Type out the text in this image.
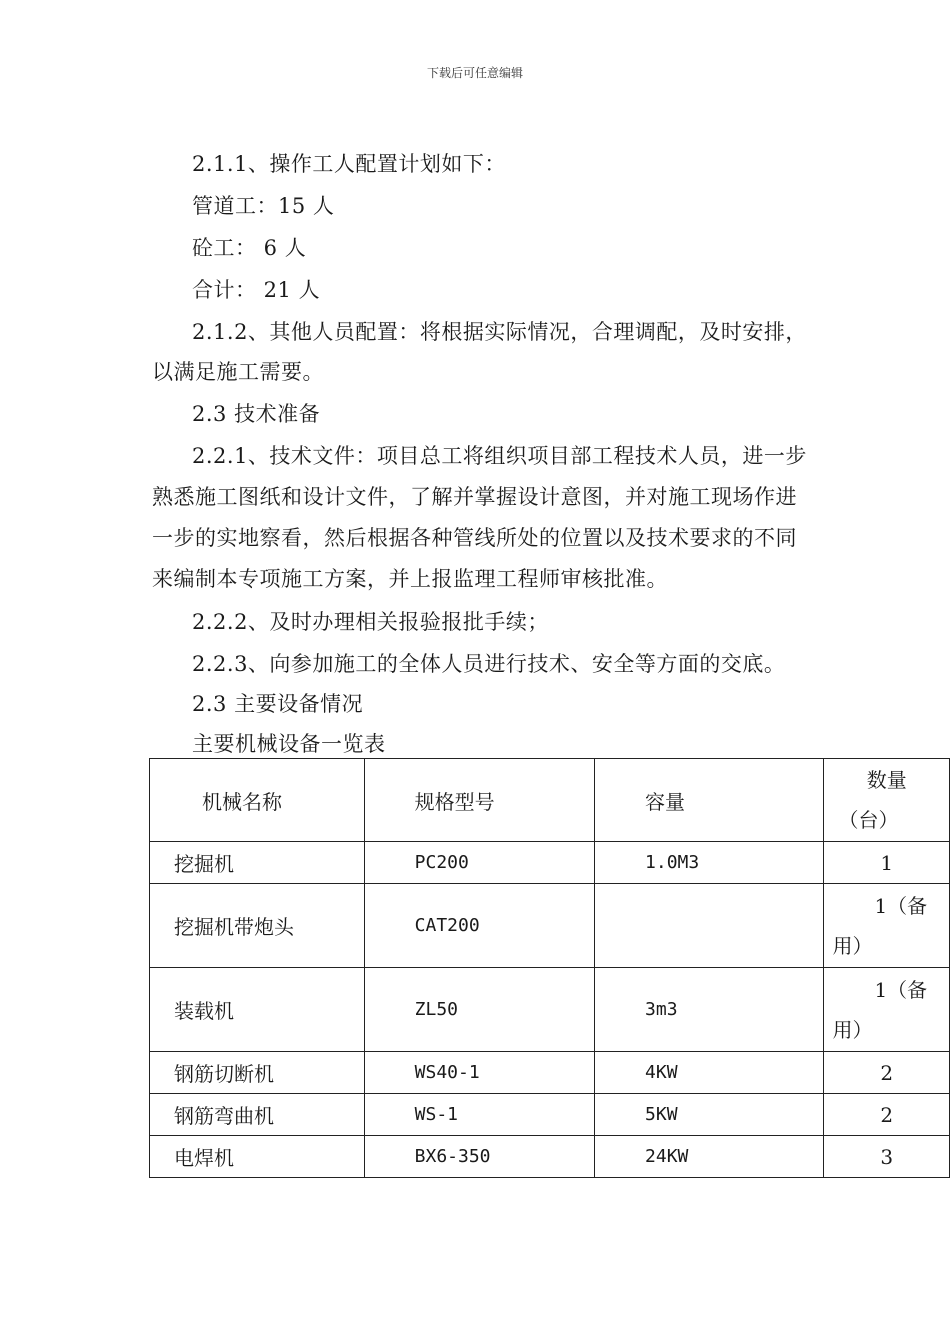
下载后可任意编辑
2.1.1、操作工人配置计划如下：
管道工：15 人
砼工： 6 人
合计： 21 人
2.1.2、其他人员配置：将根据实际情况，合理调配，及时安排，
以满足施工需要。
2.3 技术准备
2.2.1、技术文件：项目总工将组织项目部工程技术人员，进一步
熟悉施工图纸和设计文件，了解并掌握设计意图，并对施工现场作进
一步的实地察看，然后根据各种管线所处的位置以及技术要求的不同
来编制本专项施工方案，并上报监理工程师审核批准。
2.2.2、及时办理相关报验报批手续；
2.2.3、向参加施工的全体人员进行技术、安全等方面的交底。
2.3 主要设备情况
主要机械设备一览表
机械名称	规格型号	容量	数量
（台）

挖掘机	PC200	1.0M3	1
挖掘机带炮头	CAT200		1（备
用）

装载机	ZL50	3m3	1（备
用）

钢筋切断机	WS40-1	4KW	2
钢筋弯曲机	WS-1	5KW	2
电焊机	BX6-350	24KW	3
